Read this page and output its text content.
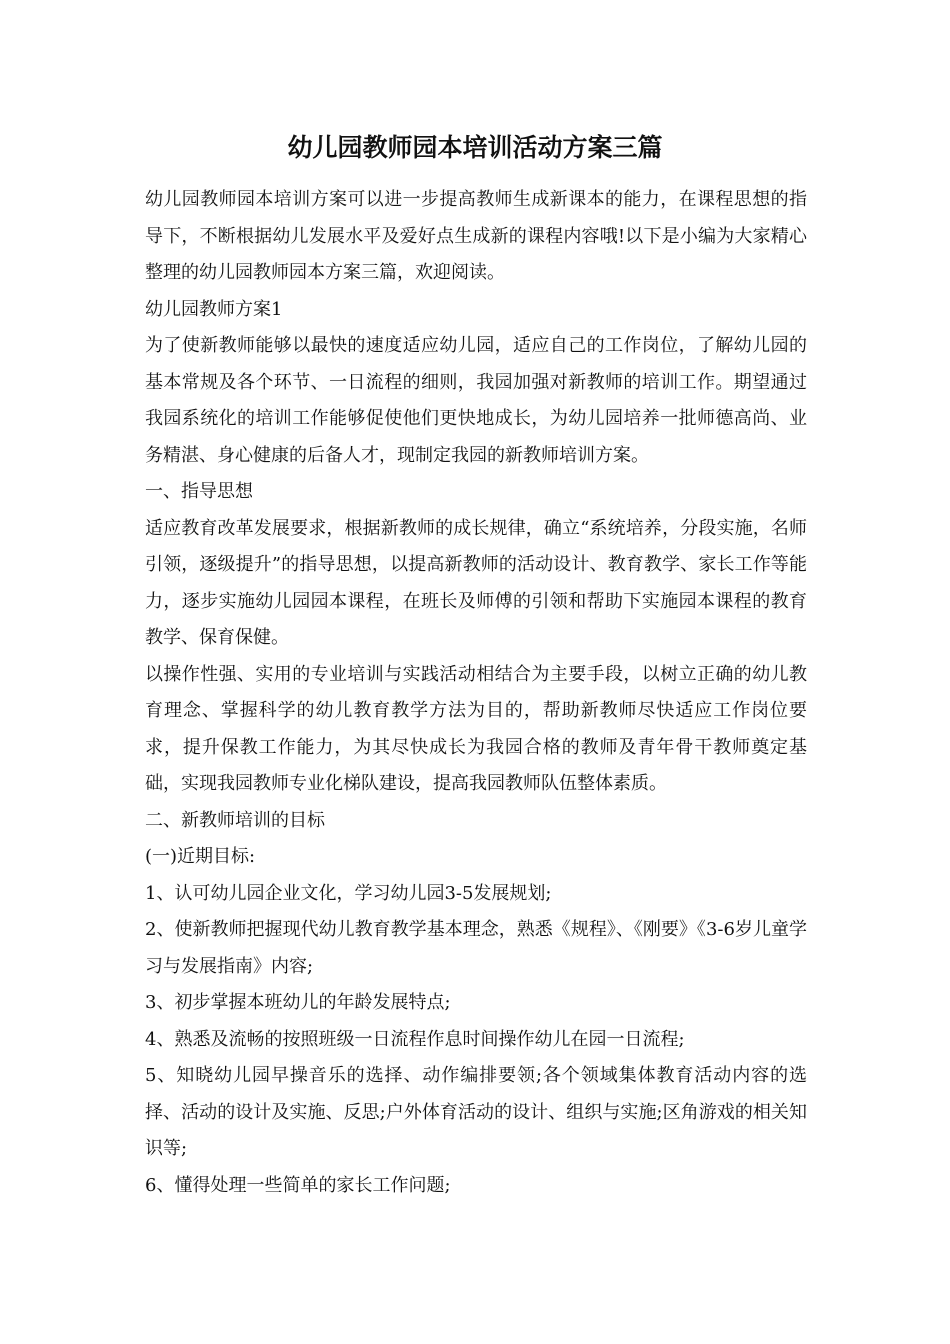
幼儿园教师园本培训活动方案三篇

幼儿园教师园本培训方案可以进一步提高教师生成新课本的能力，在课程思想的指导下，不断根据幼儿发展水平及爱好点生成新的课程内容哦!以下是小编为大家精心整理的幼儿园教师园本方案三篇，欢迎阅读。

幼儿园教师方案1

为了使新教师能够以最快的速度适应幼儿园，适应自己的工作岗位，了解幼儿园的基本常规及各个环节、一日流程的细则，我园加强对新教师的培训工作。期望通过我园系统化的培训工作能够促使他们更快地成长，为幼儿园培养一批师德高尚、业务精湛、身心健康的后备人才，现制定我园的新教师培训方案。

一、指导思想

适应教育改革发展要求，根据新教师的成长规律，确立“系统培养，分段实施，名师引领，逐级提升”的指导思想，以提高新教师的活动设计、教育教学、家长工作等能力，逐步实施幼儿园园本课程，在班长及师傅的引领和帮助下实施园本课程的教育教学、保育保健。

以操作性强、实用的专业培训与实践活动相结合为主要手段，以树立正确的幼儿教育理念、掌握科学的幼儿教育教学方法为目的，帮助新教师尽快适应工作岗位要求，提升保教工作能力，为其尽快成长为我园合格的教师及青年骨干教师奠定基础，实现我园教师专业化梯队建设，提高我园教师队伍整体素质。

二、新教师培训的目标

(一)近期目标:

1、认可幼儿园企业文化，学习幼儿园3-5发展规划;

2、使新教师把握现代幼儿教育教学基本理念，熟悉《规程》、《刚要》《3-6岁儿童学习与发展指南》内容;

3、初步掌握本班幼儿的年龄发展特点;

4、熟悉及流畅的按照班级一日流程作息时间操作幼儿在园一日流程;

5、知晓幼儿园早操音乐的选择、动作编排要领;各个领域集体教育活动内容的选择、活动的设计及实施、反思;户外体育活动的设计、组织与实施;区角游戏的相关知识等;

6、懂得处理一些简单的家长工作问题;
